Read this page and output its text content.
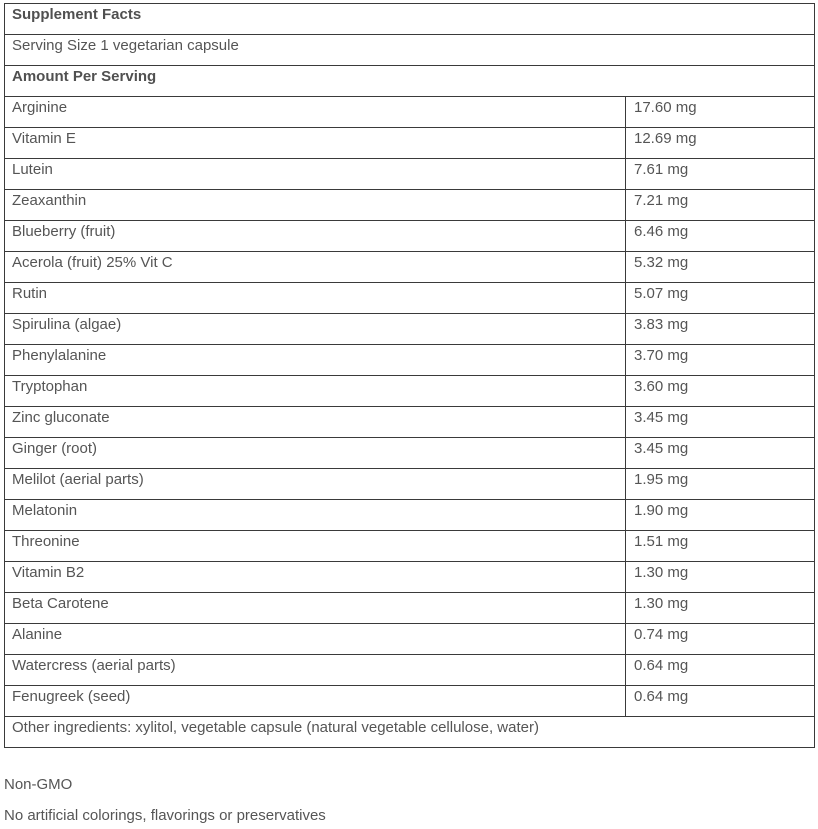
Supplement Facts	
Serving Size 1 vegetarian capsule	
Amount Per Serving	
Arginine	17.60 mg
Vitamin E	12.69 mg
Lutein	7.61 mg
Zeaxanthin	7.21 mg
Blueberry (fruit)	6.46 mg
Acerola (fruit) 25% Vit C	5.32 mg
Rutin	5.07 mg
Spirulina (algae)	3.83 mg
Phenylalanine	3.70 mg
Tryptophan	3.60 mg
Zinc gluconate	3.45 mg
Ginger (root)	3.45 mg
Melilot (aerial parts)	1.95 mg
Melatonin	1.90 mg
Threonine	1.51 mg
Vitamin B2	1.30 mg
Beta Carotene	1.30 mg
Alanine	0.74 mg
Watercress (aerial parts)	0.64 mg
Fenugreek (seed)	0.64 mg
Other ingredients: xylitol, vegetable capsule (natural vegetable cellulose, water)	
Non-GMO
No artificial colorings, flavorings or preservatives
